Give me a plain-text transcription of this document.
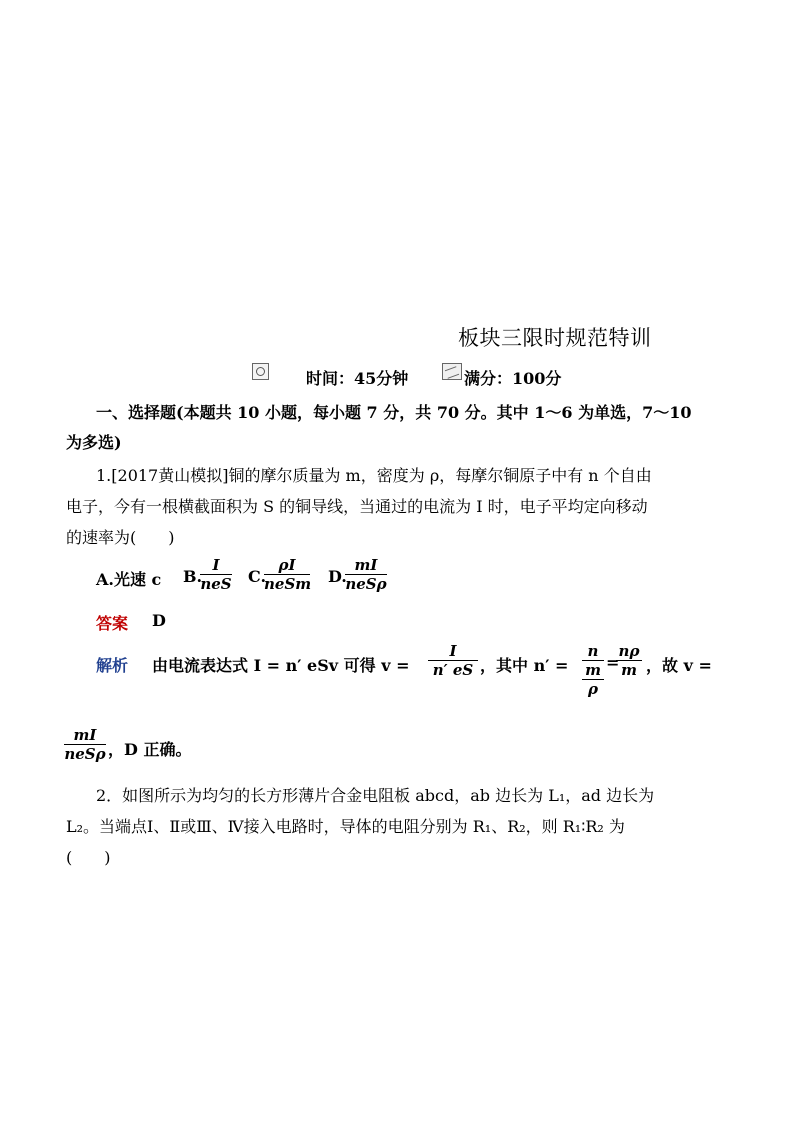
板块三限时规范特训
时间：45分钟	满分：100分
一、选择题(本题共 10 小题，每小题 7 分，共 70 分。其中 1～6 为单选，7～10
为多选)
1.[2017黄山模拟]铜的摩尔质量为 m，密度为 ρ，每摩尔铜原子中有 n 个自由
电子，今有一根横截面积为 S 的铜导线，当通过的电流为 I 时，电子平均定向移动
的速率为(　　)
A.光速 c B.
I
neS C.
ρI
neSm D.
mI
neSρ
答案 D
解析 由电流表达式 I = n′ eSv 可得 v =
I
n′ eS ，其中 n′ =
n
m
ρ
=
nρ
m ，故 v =
mI
neSρ ，D 正确。
2．如图所示为均匀的长方形薄片合金电阻板 abcd，ab 边长为 L₁，ad 边长为
L₂。当端点Ⅰ、Ⅱ或Ⅲ、Ⅳ接入电路时，导体的电阻分别为 R₁、R₂，则 R₁∶R₂ 为
(　　)
